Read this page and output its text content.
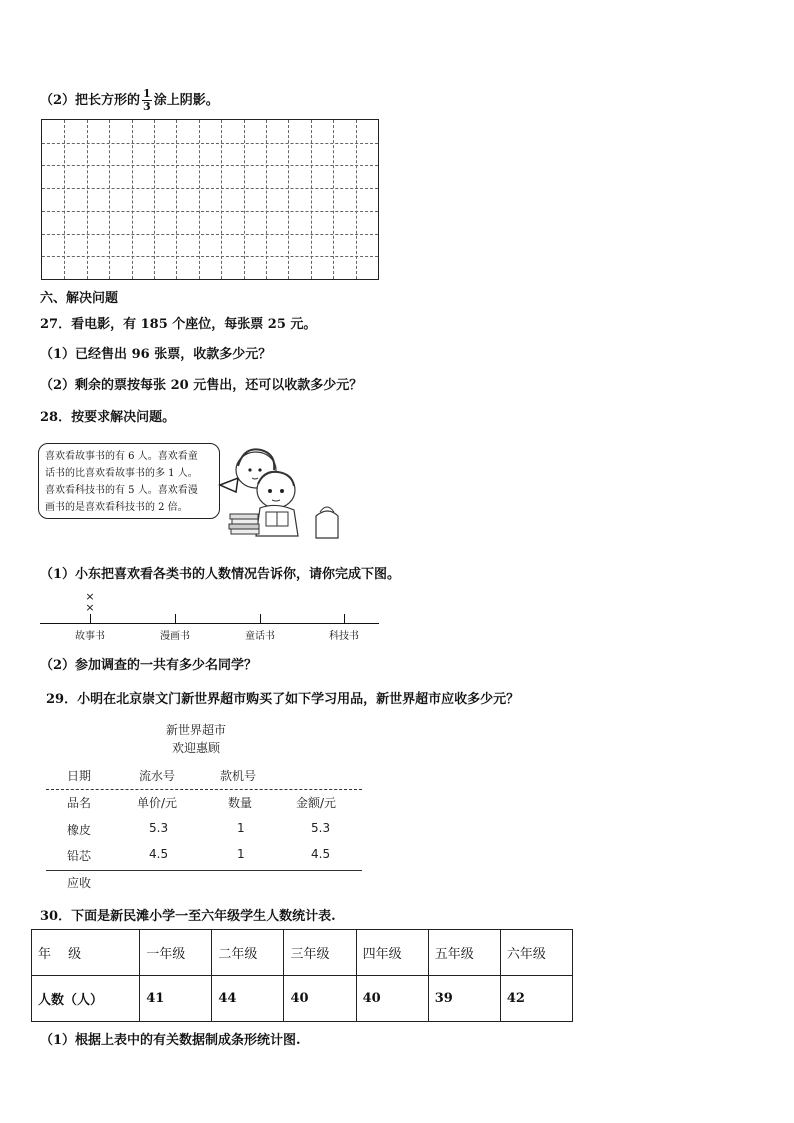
（2）把长方形的 $\frac{1}{3}$ 涂上阴影。
六、解决问题
27．看电影，有 185 个座位，每张票 25 元。
（1）已经售出 96 张票，收款多少元？
（2）剩余的票按每张 20 元售出，还可以收款多少元？
28．按要求解决问题。
喜欢看故事书的有 6 人。喜欢看童
话书的比喜欢看故事书的多 1 人。
喜欢看科技书的有 5 人。喜欢看漫
画书的是喜欢看科技书的 2 倍。
（1）小东把喜欢看各类书的人数情况告诉你，请你完成下图。
故事书
×
×
漫画书	童话书	科技书
（2）参加调查的一共有多少名同学？
29．小明在北京崇文门新世界超市购买了如下学习用品，新世界超市应收多少元？
新世界超市
欢迎惠顾
日期	流水号	款机号
品名	单价/元	数量	金额/元
橡皮	5.3	1	5.3
铅芯	4.5	1	4.5
应收
30．下面是新民滩小学一至六年级学生人数统计表.
年　 级	一年级	二年级	三年级	四年级	五年级	六年级
人数（人）	41	44	40	40	39	42
（1）根据上表中的有关数据制成条形统计图.
